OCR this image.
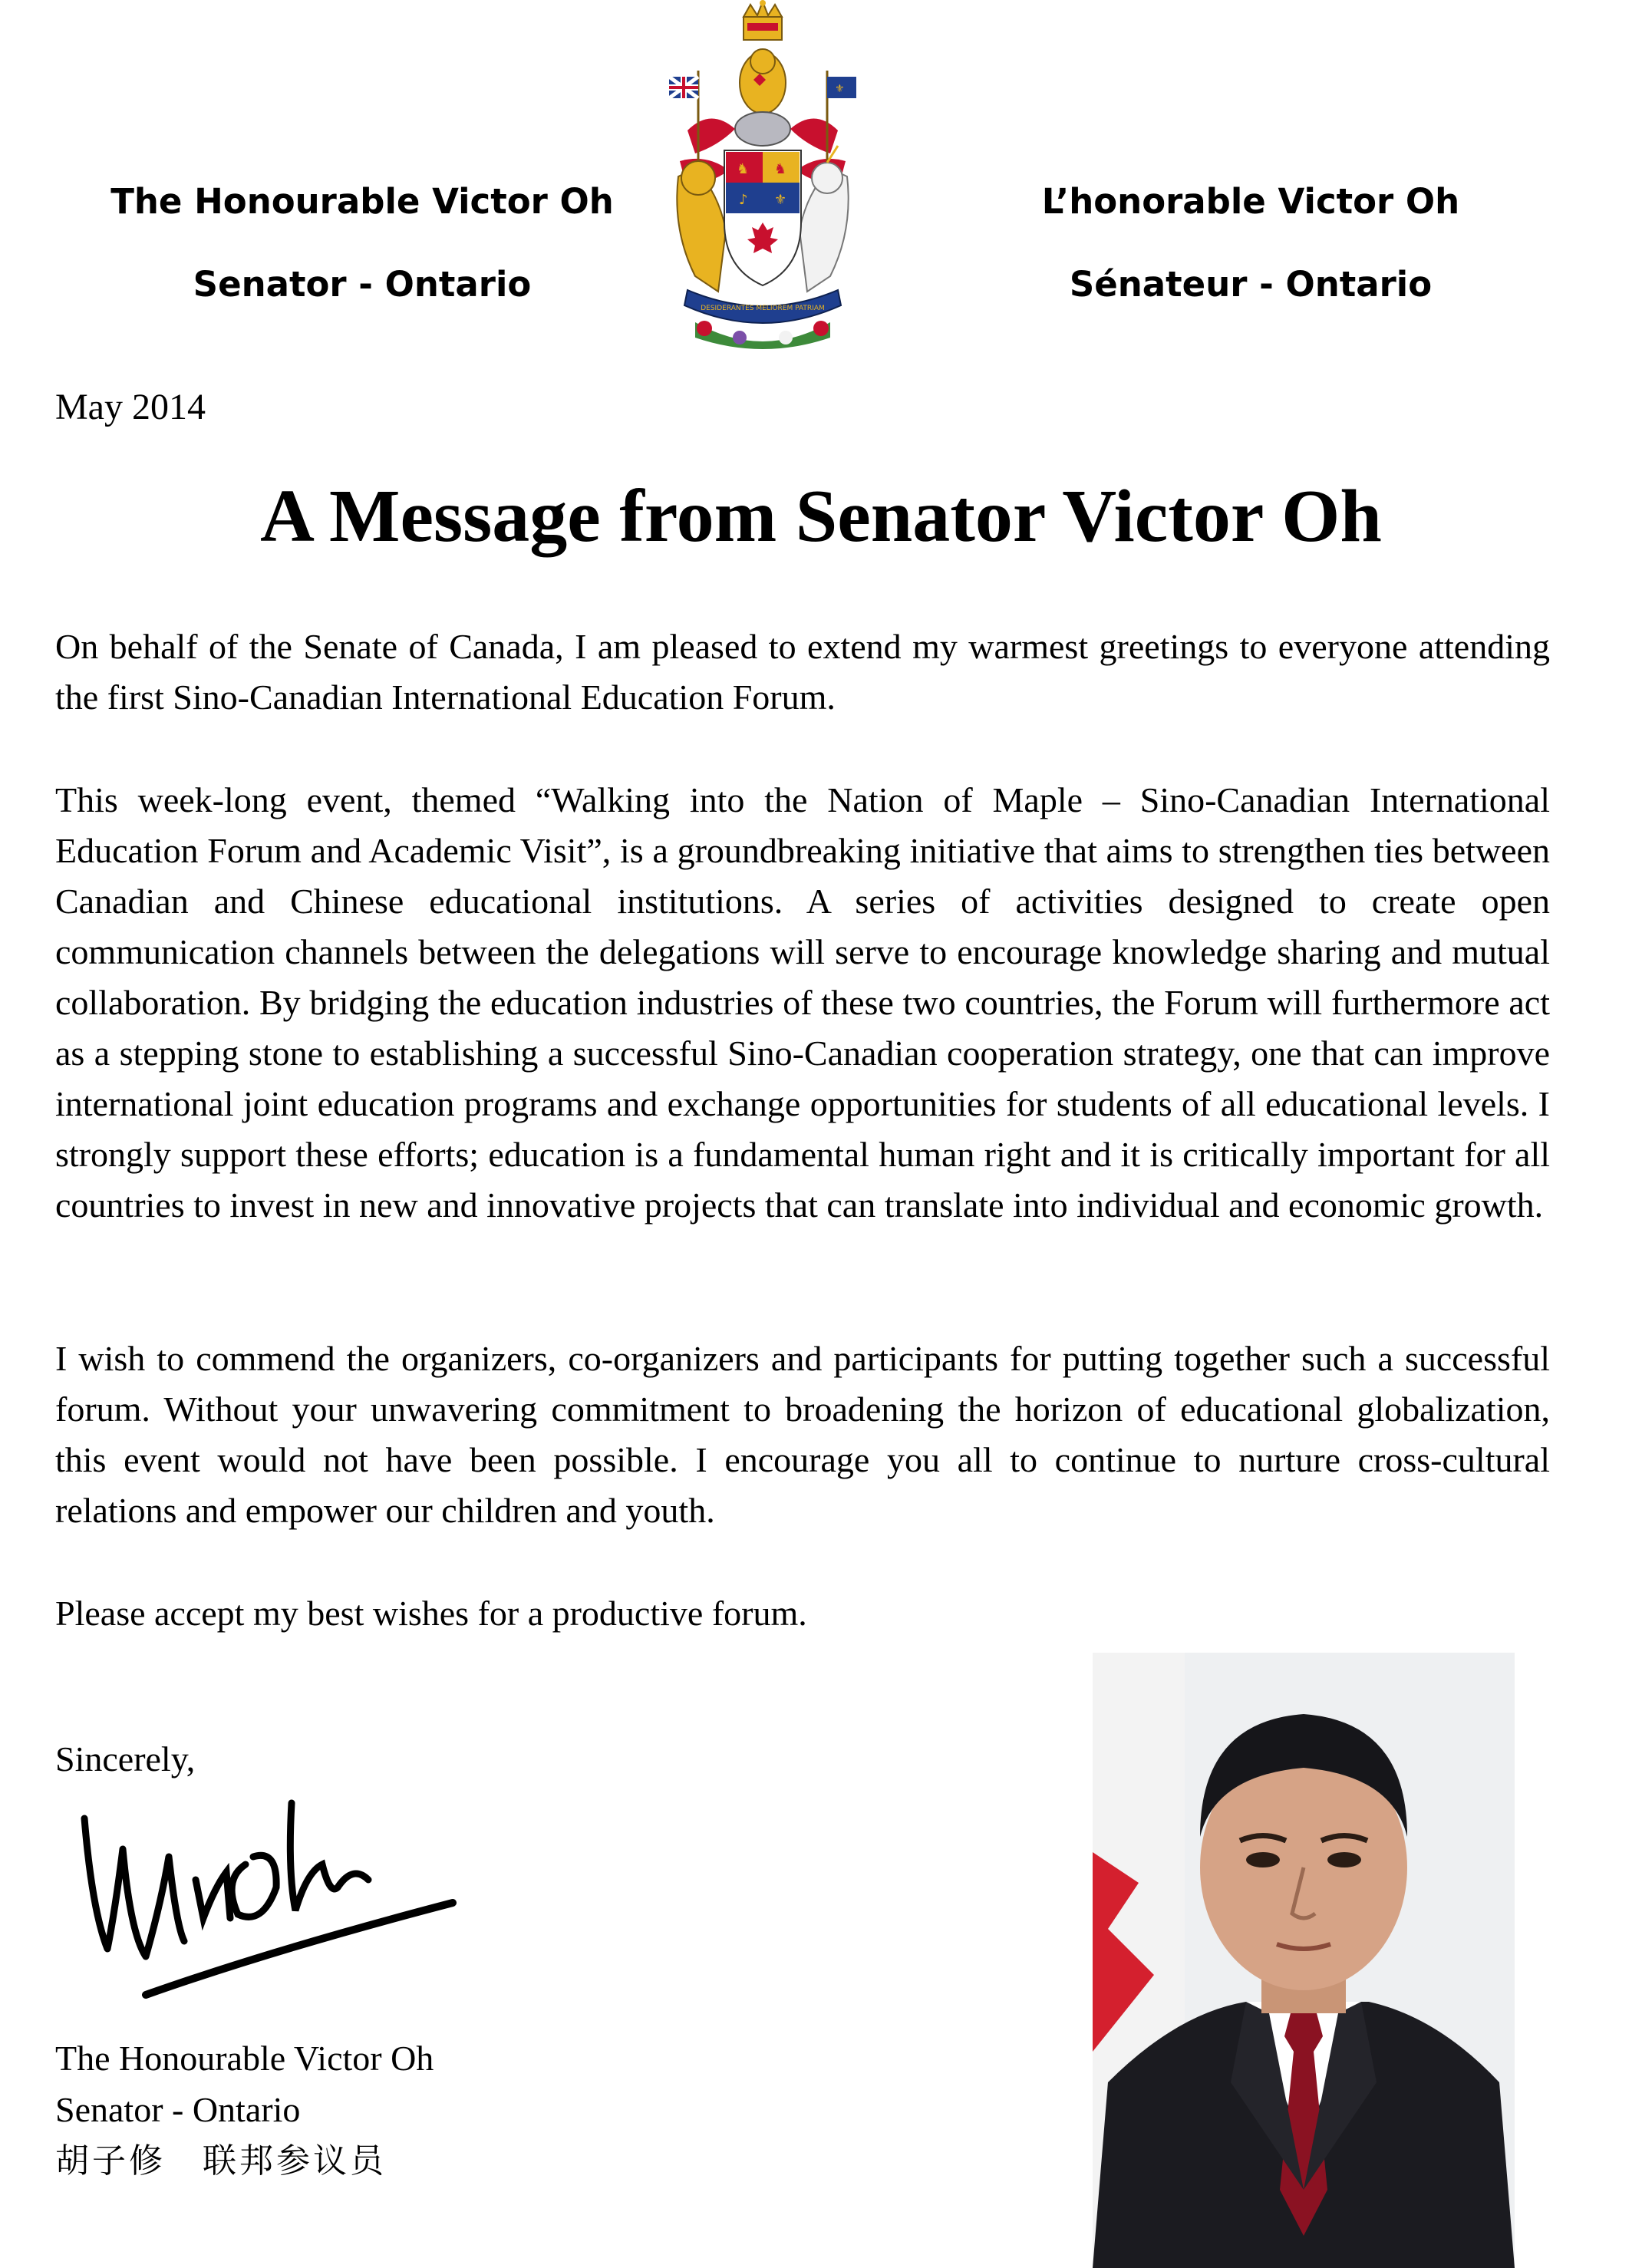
The Honourable Victor Oh
Senator - Ontario
L’honorable Victor Oh
Sénateur - Ontario
⚜
♞ ♞
♪ ⚜
DESIDERANTES MELIOREM PATRIAM
May 2014
A Message from Senator Victor Oh

On behalf of the Senate of Canada, I am pleased to extend my warmest greetings to everyone attending the first Sino-Canadian International Education Forum.

This week-long event, themed “Walking into the Nation of Maple – Sino-Canadian International Education Forum and Academic Visit”, is a groundbreaking initiative that aims to strengthen ties between Canadian and Chinese educational institutions. A series of activities designed to create open communication channels between the delegations will serve to encourage knowledge sharing and mutual collaboration. By bridging the education industries of these two countries, the Forum will furthermore act as a stepping stone to establishing a successful Sino-Canadian cooperation strategy, one that can improve international joint education programs and exchange opportunities for students of all educational levels. I strongly support these efforts; education is a fundamental human right and it is critically important for all countries to invest in new and innovative projects that can translate into individual and economic growth.

I wish to commend the organizers, co-organizers and participants for putting together such a successful forum. Without your unwavering commitment to broadening the horizon of educational globalization, this event would not have been possible. I encourage you all to continue to nurture cross-cultural relations and empower our children and youth.

Please accept my best wishes for a productive forum.

Sincerely,
The Honourable Victor Oh
Senator - Ontario
胡子修　联邦参议员
